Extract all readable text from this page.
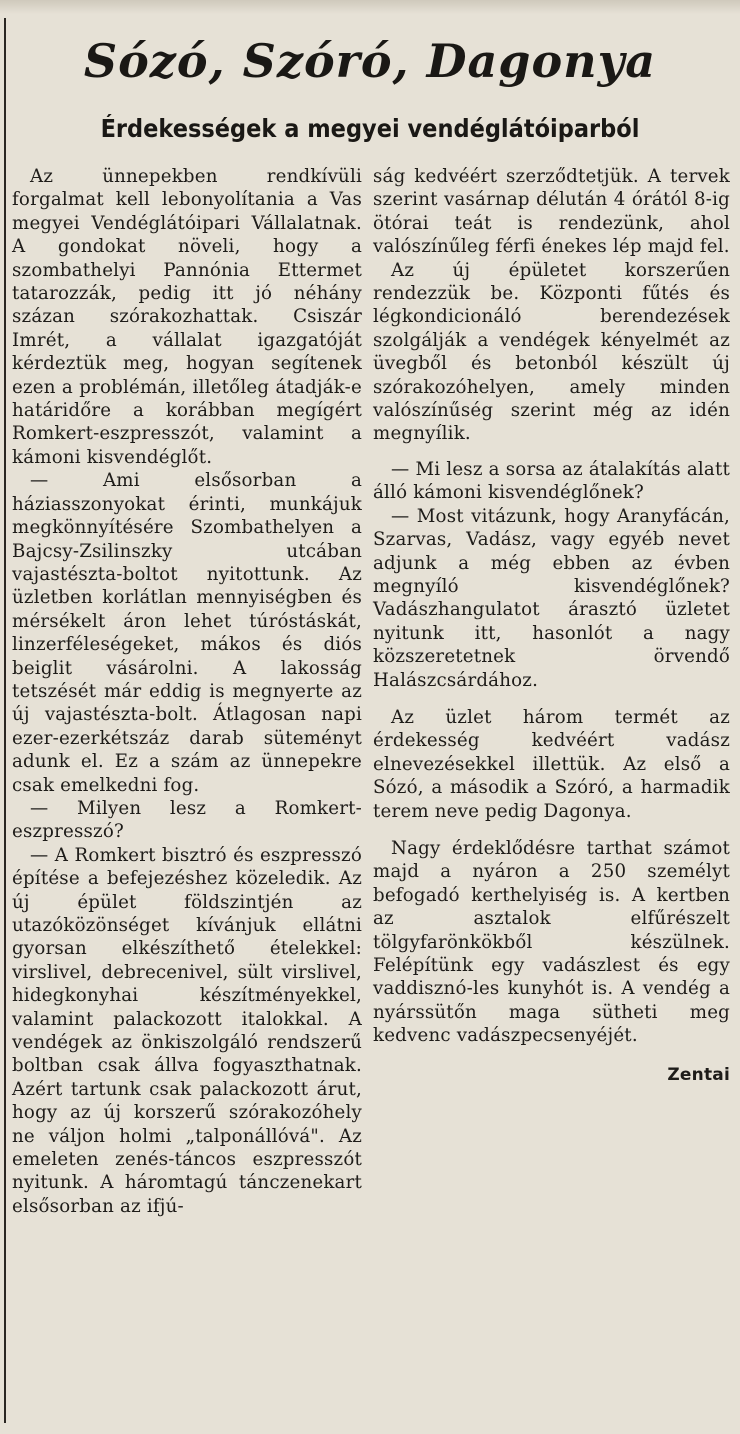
Sózó, Szóró, Dagonya
Érdekességek a megyei vendéglátóiparból

Az ünnepekben rendkívüli forgalmat kell lebonyolítania a Vas megyei Vendéglátóipari Vállalatnak. A gondokat növeli, hogy a szombathelyi Pannónia Ettermet tatarozzák, pedig itt jó néhány százan szórakozhattak. Csiszár Imrét, a vállalat igazgatóját kérdeztük meg, hogyan segítenek ezen a problémán, illetőleg átadják-e határidőre a korábban megígért Romkert-eszpresszót, valamint a kámoni kisvendéglőt.

— Ami elsősorban a háziasszonyokat érinti, munkájuk megkönnyítésére Szombathelyen a Bajcsy-Zsilinszky utcában vajastészta-boltot nyitottunk. Az üzletben korlátlan mennyiségben és mérsékelt áron lehet túróstáskát, linzerféleségeket, mákos és diós beiglit vásárolni. A lakosság tetszését már eddig is megnyerte az új vajastészta-bolt. Átlagosan napi ezer-ezerkétszáz darab süteményt adunk el. Ez a szám az ünnepekre csak emelkedni fog.

— Milyen lesz a Romkert-eszpresszó?

— A Romkert bisztró és eszpresszó építése a befejezéshez közeledik. Az új épület földszintjén az utazóközönséget kívánjuk ellátni gyorsan elkészíthető ételekkel: virslivel, debrecenivel, sült virslivel, hidegkonyhai készítményekkel, valamint palackozott italokkal. A vendégek az önkiszolgáló rendszerű boltban csak állva fogyaszthatnak. Azért tartunk csak palackozott árut, hogy az új korszerű szórakozóhely ne váljon holmi „talponállóvá". Az emeleten zenés-táncos eszpresszót nyitunk. A háromtagú tánczenekart elsősorban az ifjú-

ság kedvéért szerződtetjük. A tervek szerint vasárnap délután 4 órától 8-ig ötórai teát is rendezünk, ahol valószínűleg férfi énekes lép majd fel.

Az új épületet korszerűen rendezzük be. Központi fűtés és légkondicionáló berendezések szolgálják a vendégek kényelmét az üvegből és betonból készült új szórakozóhelyen, amely minden valószínűség szerint még az idén megnyílik.

— Mi lesz a sorsa az átalakítás alatt álló kámoni kisvendéglőnek?

— Most vitázunk, hogy Aranyfácán, Szarvas, Vadász, vagy egyéb nevet adjunk a még ebben az évben megnyíló kisvendéglőnek? Vadászhangulatot árasztó üzletet nyitunk itt, hasonlót a nagy közszeretetnek örvendő Halászcsárdához.

Az üzlet három termét az érdekesség kedvéért vadász elnevezésekkel illettük. Az első a Sózó, a második a Szóró, a harmadik terem neve pedig Dagonya.

Nagy érdeklődésre tarthat számot majd a nyáron a 250 személyt befogadó kerthelyiség is. A kertben az asztalok elfűrészelt tölgyfarönkökből készülnek. Felépítünk egy vadászlest és egy vaddisznó-les kunyhót is. A vendég a nyárssütőn maga sütheti meg kedvenc vadászpecsenyéjét.

Zentai
